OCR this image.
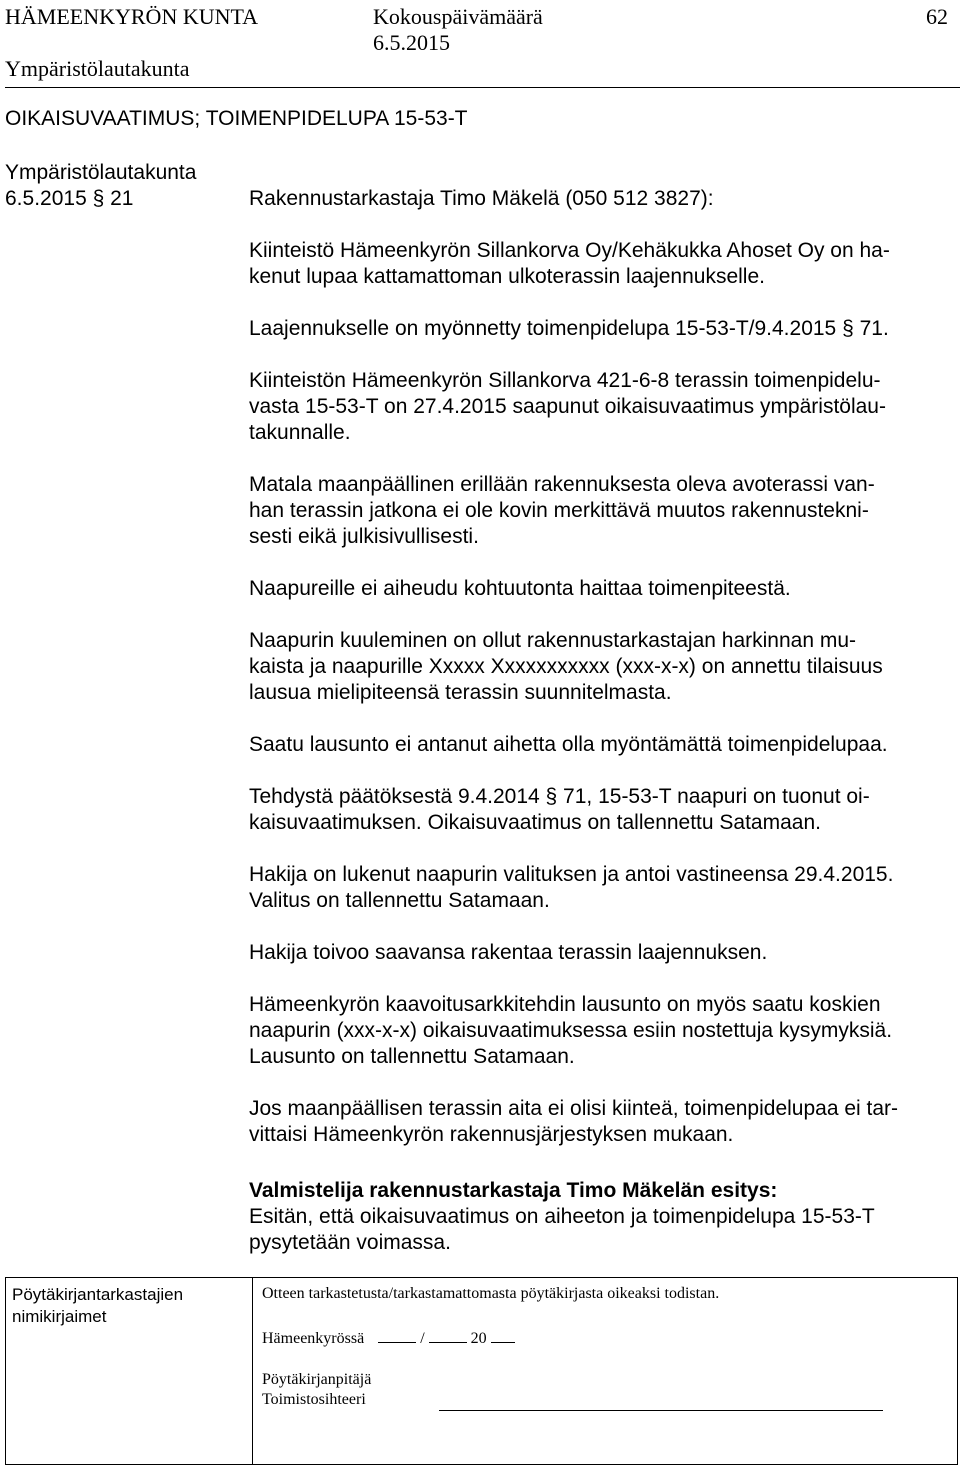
HÄMEENKYRÖN KUNTA	Kokouspäivämäärä
6.5.2015
62
Ympäristölautakunta
OIKAISUVAATIMUS; TOIMENPIDELUPA 15-53-T
Ympäristölautakunta
6.5.2015 § 21	Rakennustarkastaja Timo Mäkelä (050 512 3827):

Kiinteistö Hämeenkyrön Sillankorva Oy/Kehäkukka Ahoset Oy on ha-

kenut lupaa kattamattoman ulkoterassin laajennukselle.

Laajennukselle on myönnetty toimenpidelupa 15-53-T/9.4.2015 § 71.

Kiinteistön Hämeenkyrön Sillankorva 421-6-8 terassin toimenpidelu-

vasta 15-53-T on 27.4.2015 saapunut oikaisuvaatimus ympäristölau-

takunnalle.

Matala maanpäällinen erillään rakennuksesta oleva avoterassi van-

han terassin jatkona ei ole kovin merkittävä muutos rakennustekni-

sesti eikä julkisivullisesti.

Naapureille ei aiheudu kohtuutonta haittaa toimenpiteestä.

Naapurin kuuleminen on ollut rakennustarkastajan harkinnan mu-

kaista ja naapurille Xxxxx Xxxxxxxxxxx (xxx-x-x) on annettu tilaisuus

lausua mielipiteensä terassin suunnitelmasta.

Saatu lausunto ei antanut aihetta olla myöntämättä toimenpidelupaa.

Tehdystä päätöksestä 9.4.2014 § 71, 15-53-T naapuri on tuonut oi-

kaisuvaatimuksen. Oikaisuvaatimus on tallennettu Satamaan.

Hakija on lukenut naapurin valituksen ja antoi vastineensa 29.4.2015.

Valitus on tallennettu Satamaan.

Hakija toivoo saavansa rakentaa terassin laajennuksen.

Hämeenkyrön kaavoitusarkkitehdin lausunto on myös saatu koskien

naapurin (xxx-x-x) oikaisuvaatimuksessa esiin nostettuja kysymyksiä.

Lausunto on tallennettu Satamaan.

Jos maanpäällisen terassin aita ei olisi kiinteä, toimenpidelupaa ei tar-

vittaisi Hämeenkyrön rakennusjärjestyksen mukaan.

Valmistelija rakennustarkastaja Timo Mäkelän esitys:

Esitän, että oikaisuvaatimus on aiheeton ja toimenpidelupa 15-53-T

pysytetään voimassa.

Pöytäkirjantarkastajien
nimikirjaimet
Otteen tarkastetusta/tarkastamattomasta pöytäkirjasta oikeaksi todistan.
Hämeenkyrössä	/	20
Pöytäkirjanpitäjä
Toimistosihteeri
